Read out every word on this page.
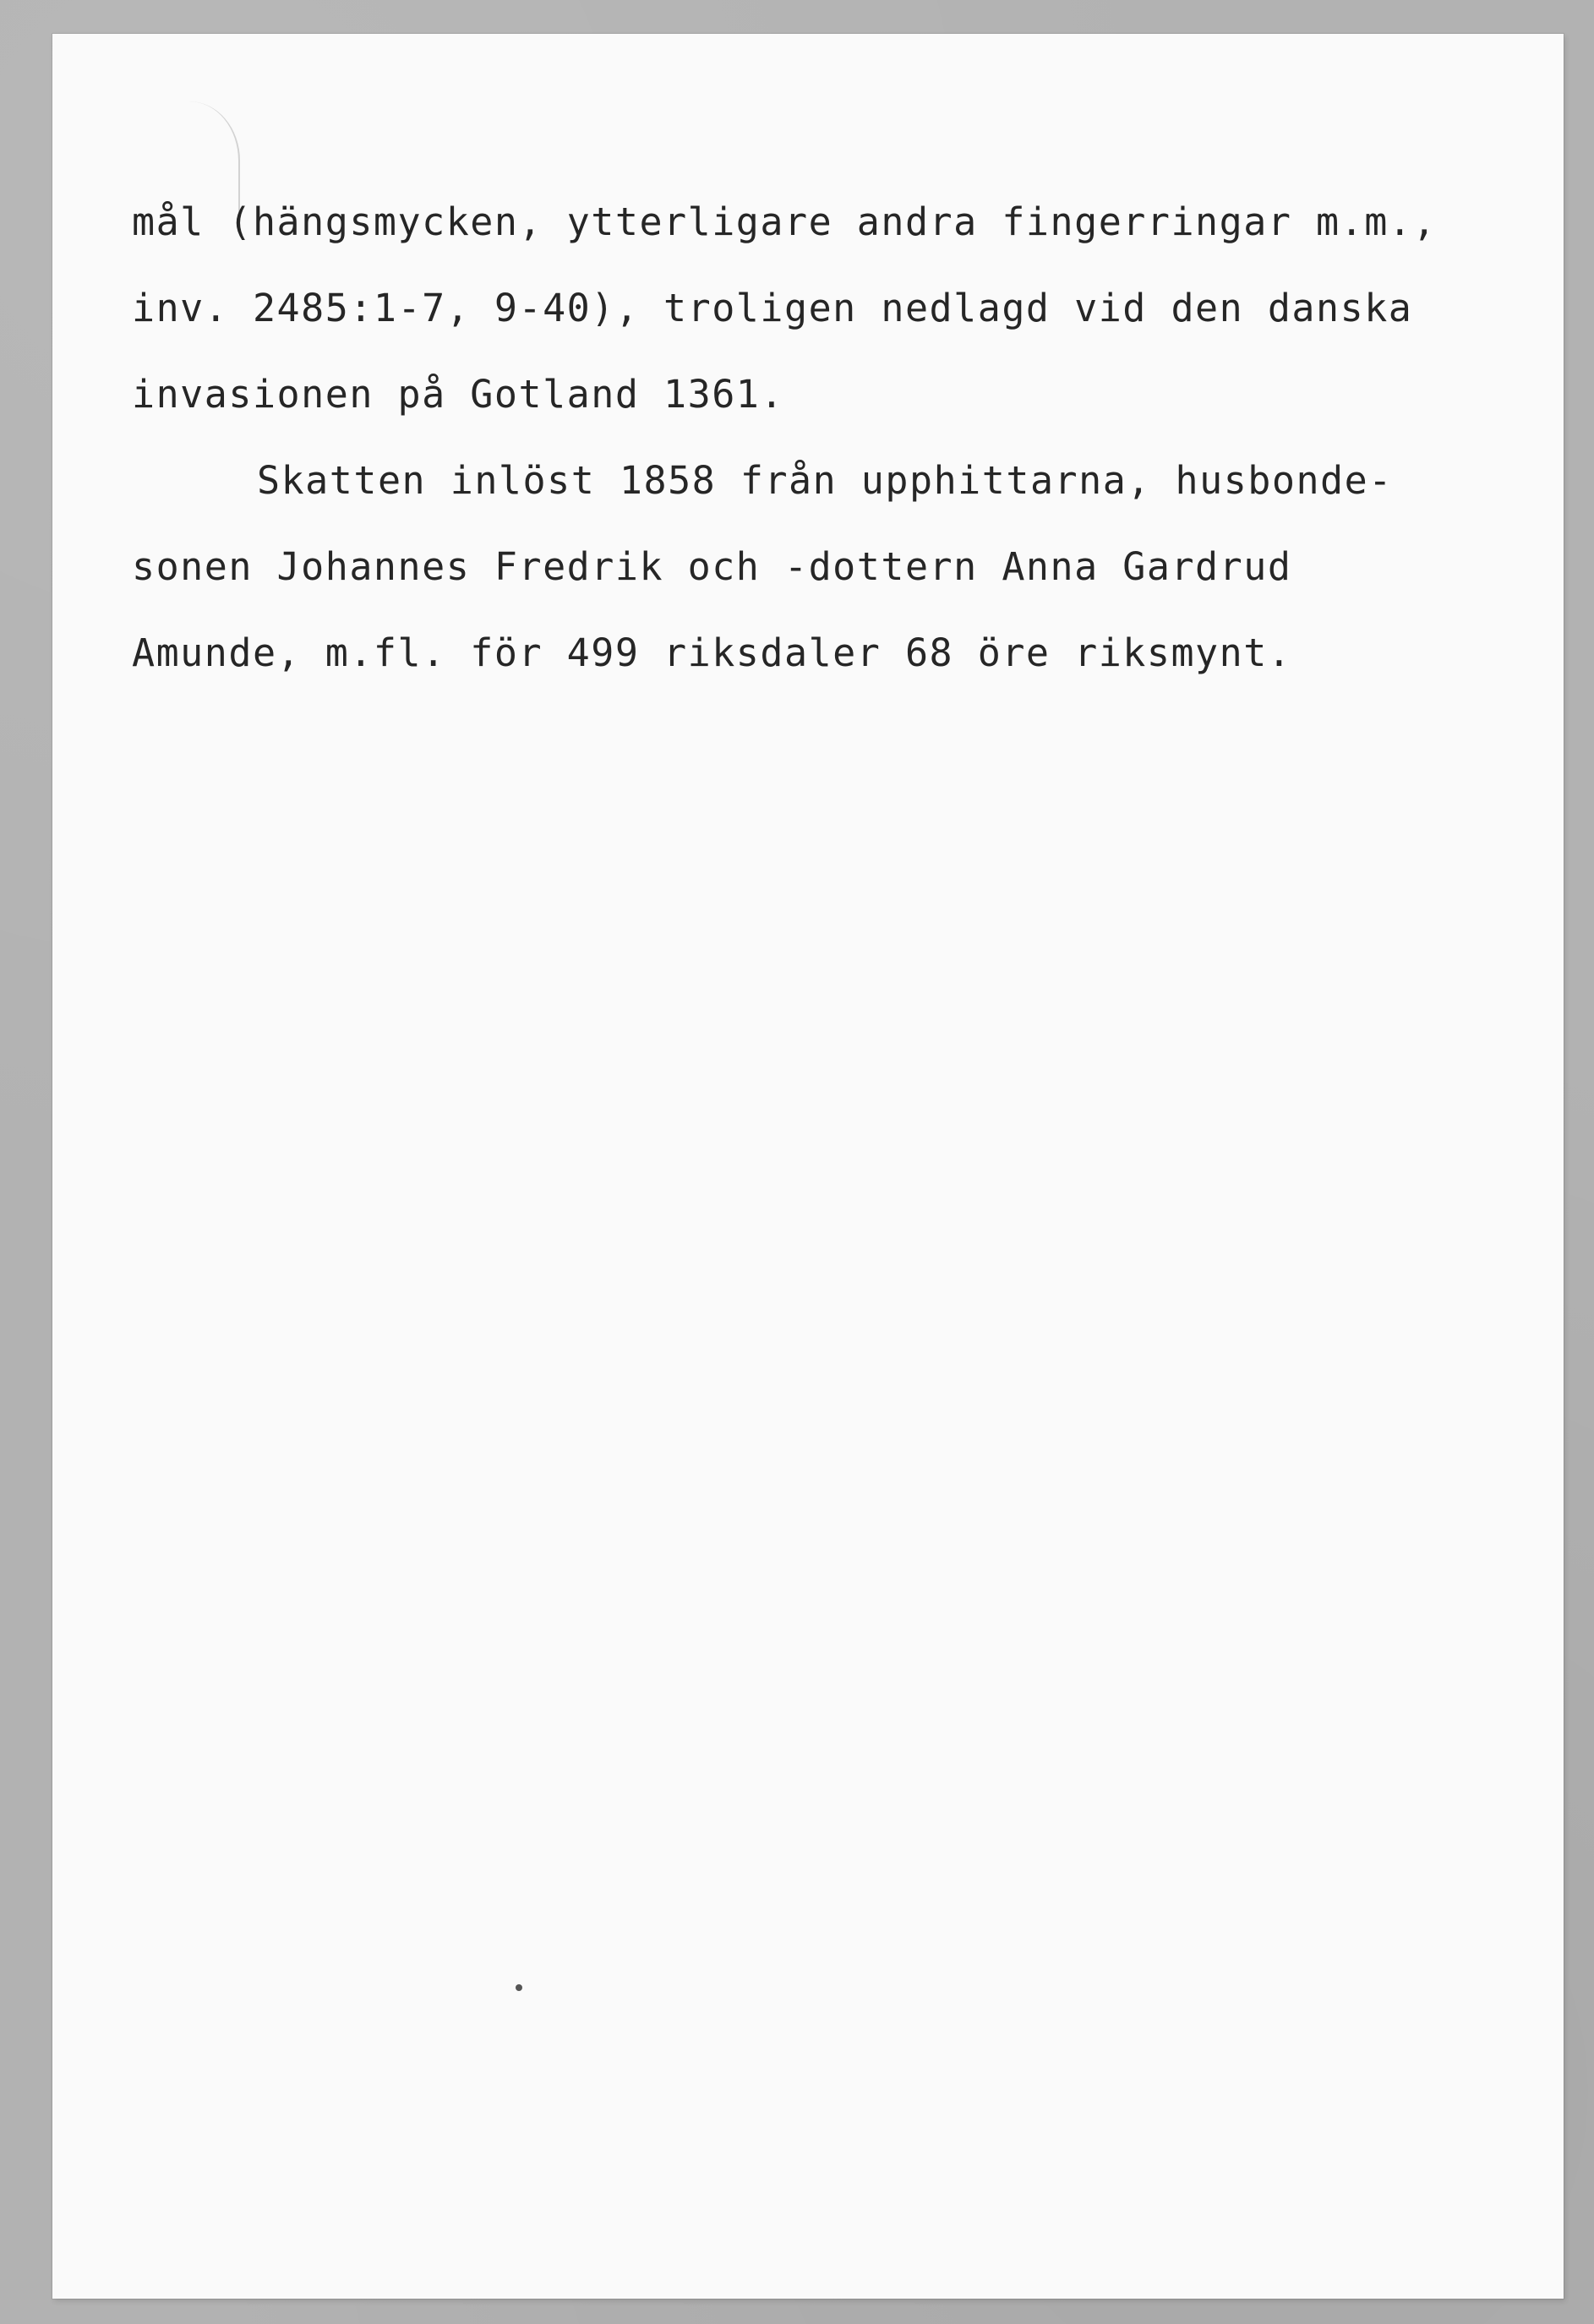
mål (hängsmycken, ytterligare andra fingerringar m.m.,
inv. 2485:1-7, 9-40), troligen nedlagd vid den danska
invasionen på Gotland 1361.
Skatten inlöst 1858 från upphittarna, husbonde-
sonen Johannes Fredrik och -dottern Anna Gardrud
Amunde, m.fl. för 499 riksdaler 68 öre riksmynt.
